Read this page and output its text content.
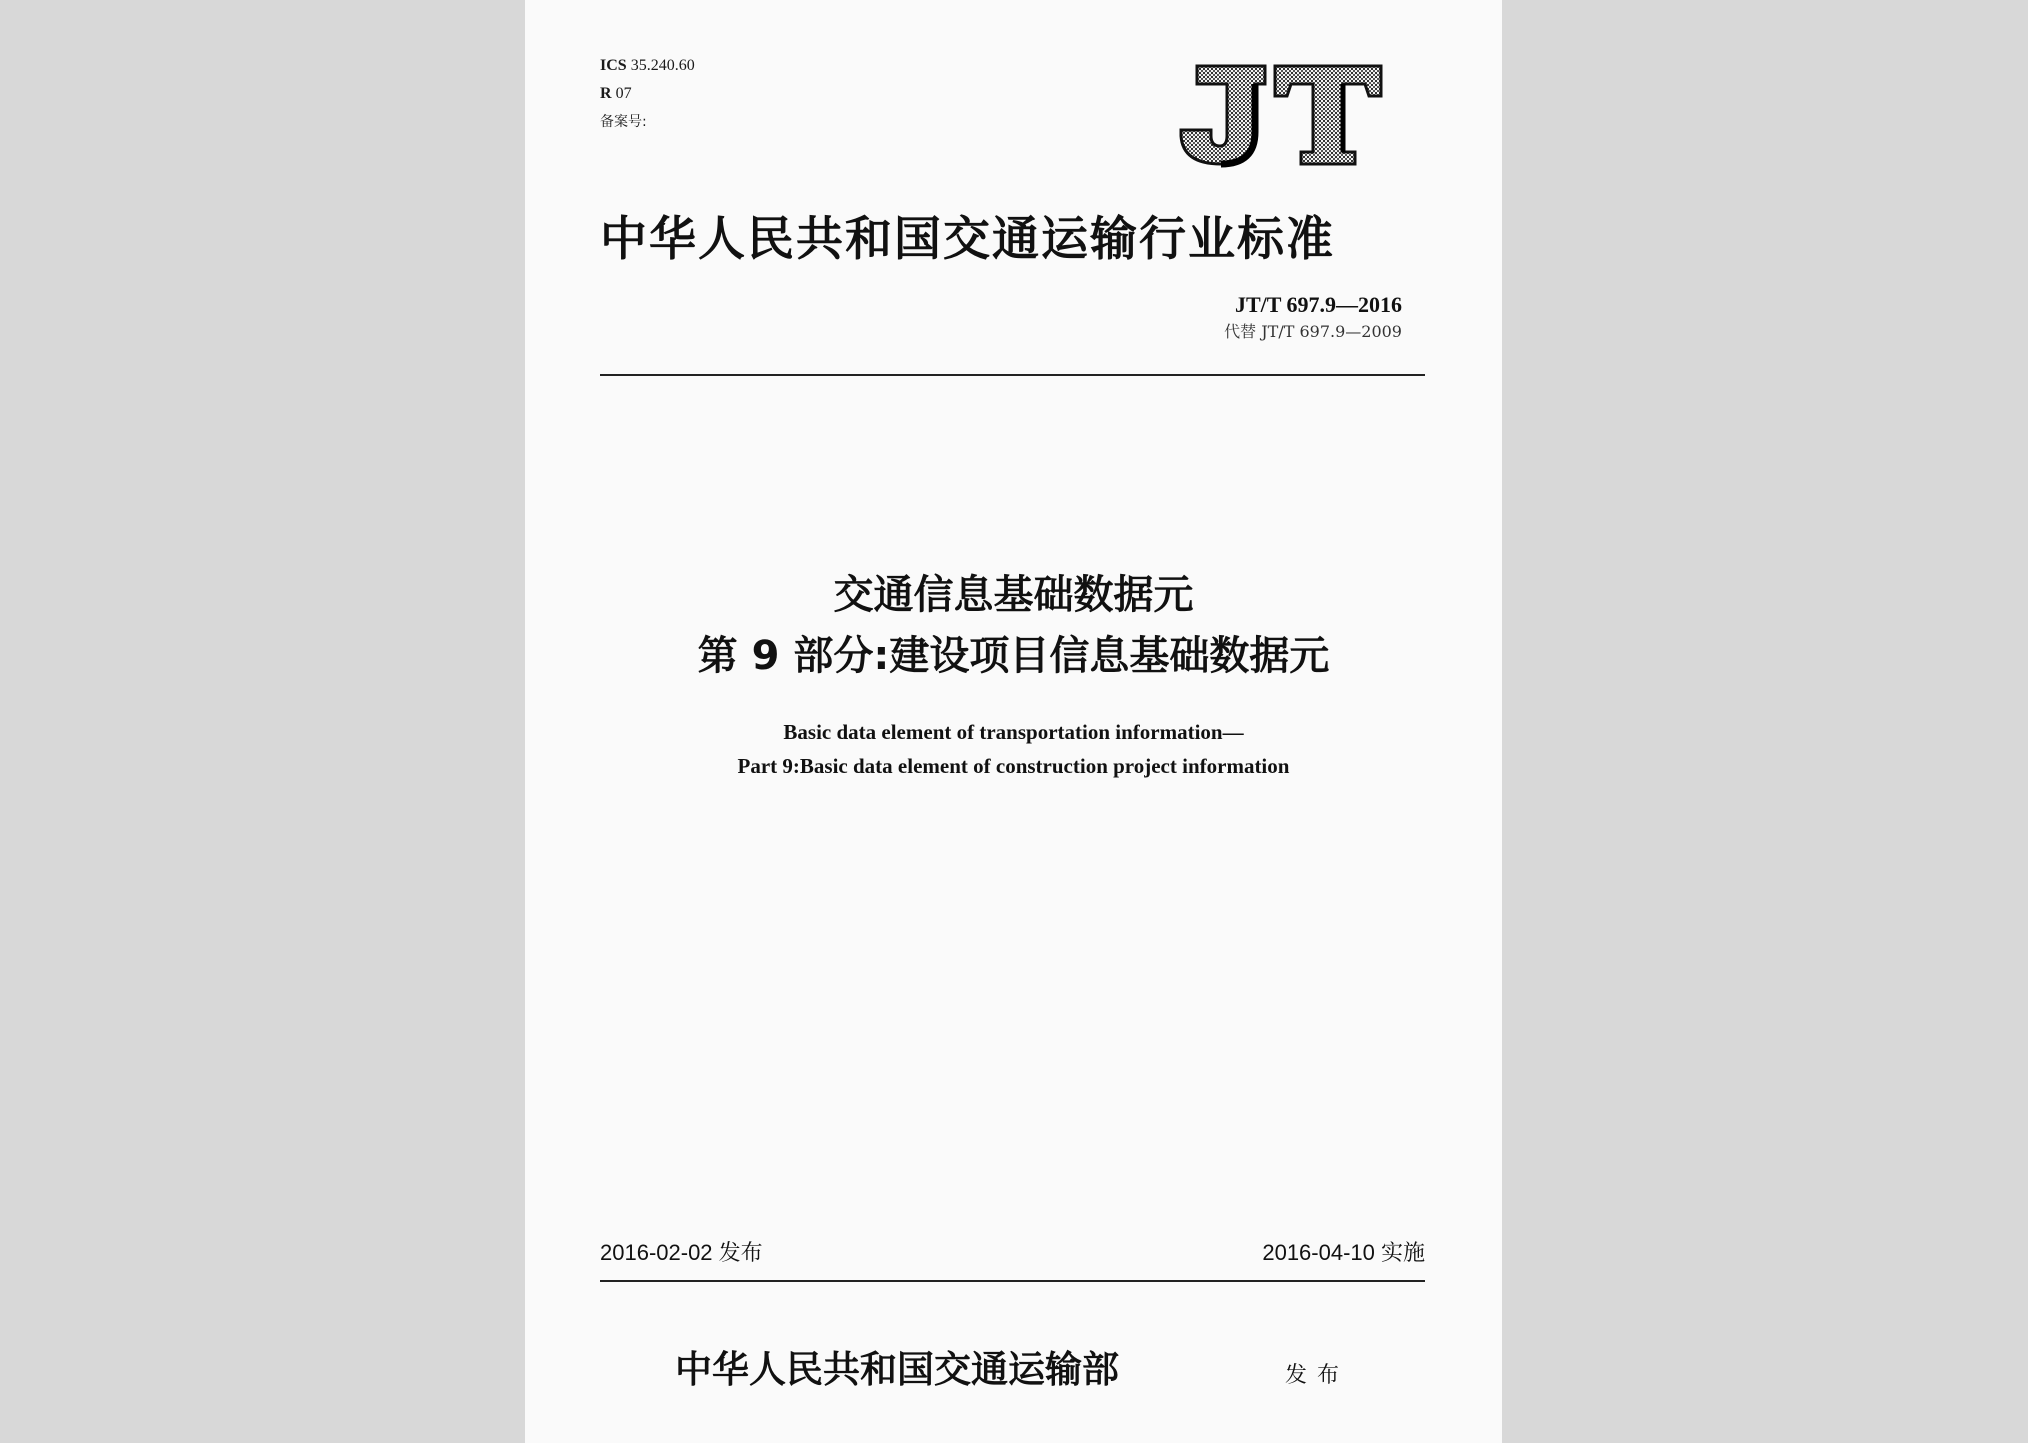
ICS 35.240.60
R 07
备案号:
中华人民共和国交通运输行业标准
JT/T 697.9—2016
代替 JT/T 697.9—2009
交通信息基础数据元
第 9 部分:建设项目信息基础数据元
Basic data element of transportation information—
Part 9:Basic data element of construction project information
2016-02-02 发布	2016-04-10 实施
中华人民共和国交通运输部	发布
